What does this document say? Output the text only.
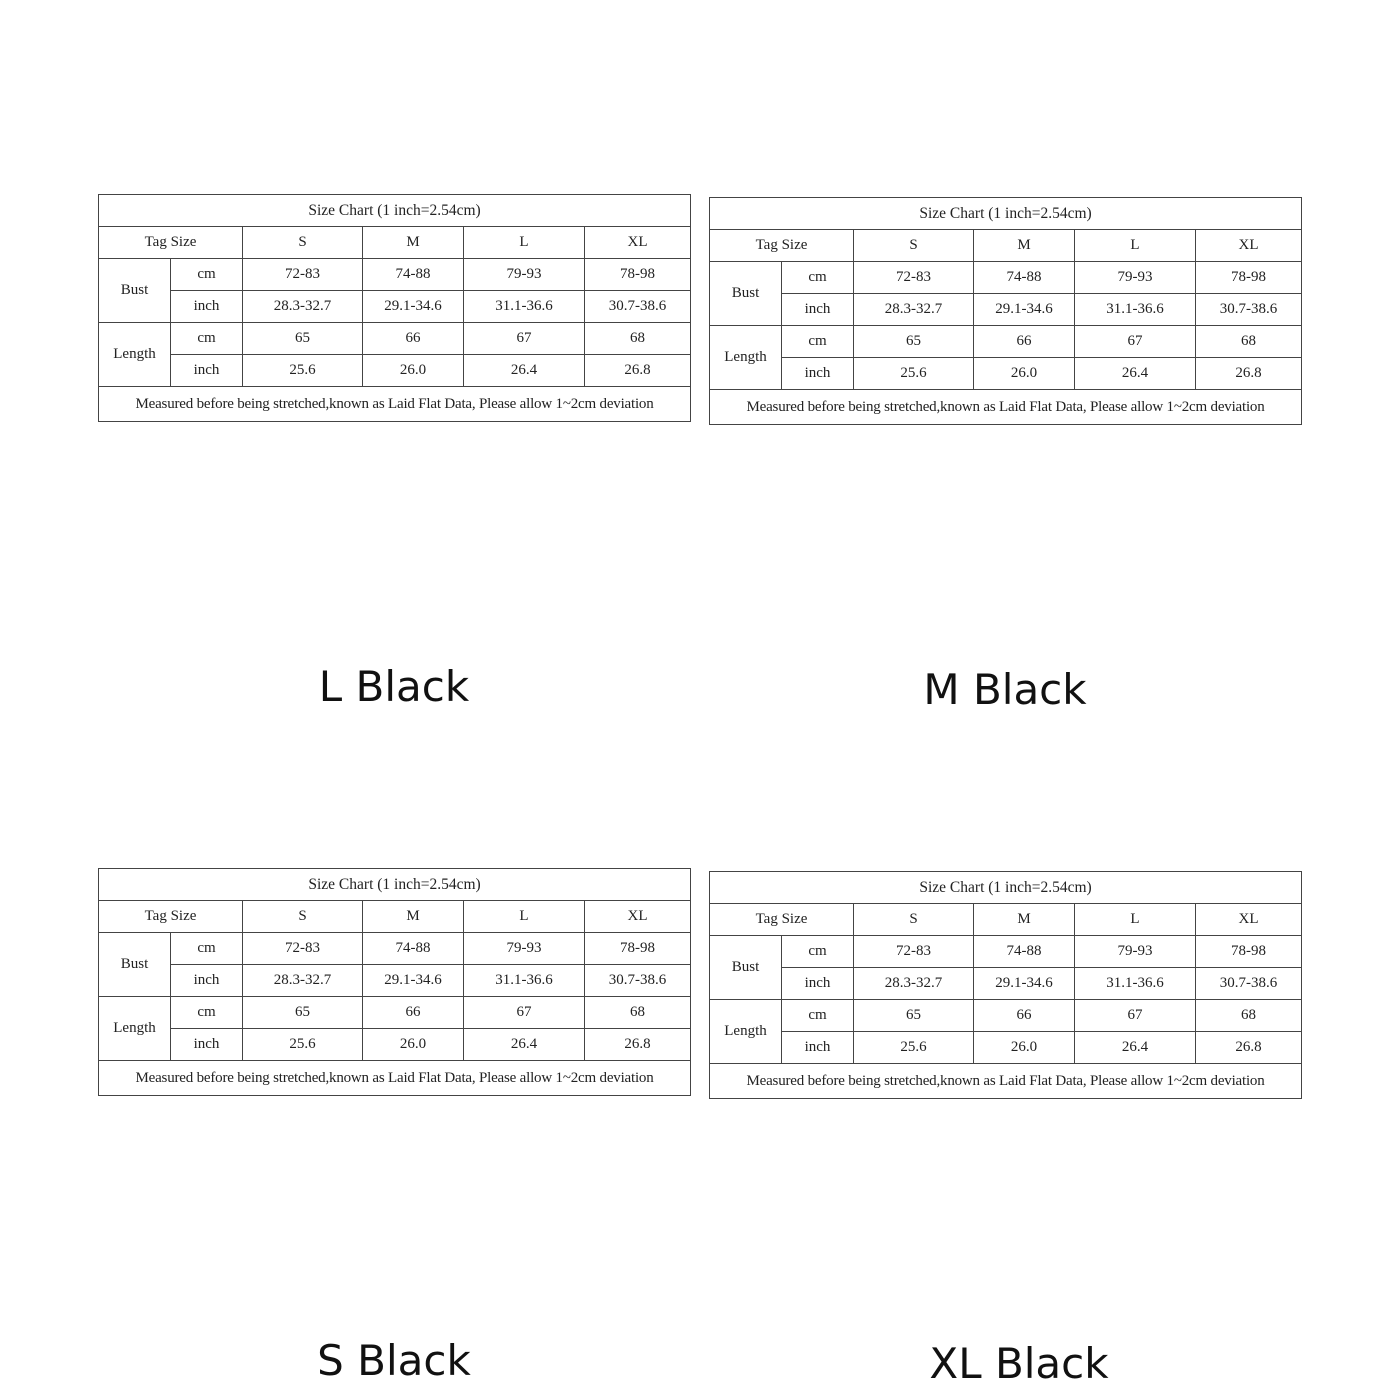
Size Chart (1 inch=2.54cm)					
Tag Size		S	M	L	XL
Bust	cm	72-83	74-88	79-93	78-98
	inch	28.3-32.7	29.1-34.6	31.1-36.6	30.7-38.6
Length	cm	65	66	67	68
	inch	25.6	26.0	26.4	26.8
Measured before being stretched,known as Laid Flat Data, Please allow 1~2cm deviation					
Size Chart (1 inch=2.54cm)					
Tag Size		S	M	L	XL
Bust	cm	72-83	74-88	79-93	78-98
	inch	28.3-32.7	29.1-34.6	31.1-36.6	30.7-38.6
Length	cm	65	66	67	68
	inch	25.6	26.0	26.4	26.8
Measured before being stretched,known as Laid Flat Data, Please allow 1~2cm deviation					
Size Chart (1 inch=2.54cm)					
Tag Size		S	M	L	XL
Bust	cm	72-83	74-88	79-93	78-98
	inch	28.3-32.7	29.1-34.6	31.1-36.6	30.7-38.6
Length	cm	65	66	67	68
	inch	25.6	26.0	26.4	26.8
Measured before being stretched,known as Laid Flat Data, Please allow 1~2cm deviation					
Size Chart (1 inch=2.54cm)					
Tag Size		S	M	L	XL
Bust	cm	72-83	74-88	79-93	78-98
	inch	28.3-32.7	29.1-34.6	31.1-36.6	30.7-38.6
Length	cm	65	66	67	68
	inch	25.6	26.0	26.4	26.8
Measured before being stretched,known as Laid Flat Data, Please allow 1~2cm deviation					
L Black	M Black
S Black	XL Black
